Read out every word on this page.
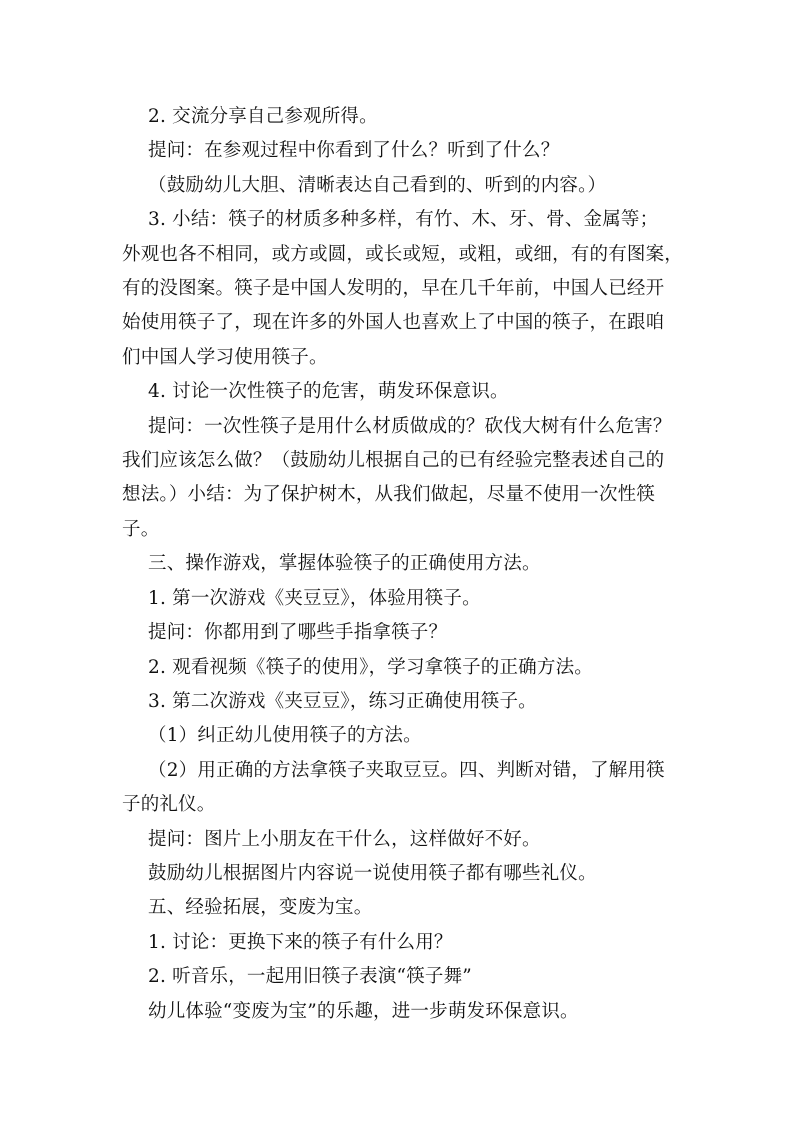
2. 交流分享自己参观所得。
提问：在参观过程中你看到了什么？听到了什么？
（鼓励幼儿大胆、清晰表达自己看到的、听到的内容。）
3. 小结：筷子的材质多种多样，有竹、木、牙、骨、金属等；
外观也各不相同，或方或圆，或长或短，或粗，或细，有的有图案，
有的没图案。筷子是中国人发明的，早在几千年前，中国人已经开
始使用筷子了，现在许多的外国人也喜欢上了中国的筷子，在跟咱
们中国人学习使用筷子。
4. 讨论一次性筷子的危害，萌发环保意识。
提问：一次性筷子是用什么材质做成的？砍伐大树有什么危害？
我们应该怎么做？（鼓励幼儿根据自己的已有经验完整表述自己的
想法。）小结：为了保护树木，从我们做起，尽量不使用一次性筷
子。
三、操作游戏，掌握体验筷子的正确使用方法。
1. 第一次游戏《夹豆豆》，体验用筷子。
提问：你都用到了哪些手指拿筷子？
2. 观看视频《筷子的使用》，学习拿筷子的正确方法。
3. 第二次游戏《夹豆豆》，练习正确使用筷子。
（1）纠正幼儿使用筷子的方法。
（2）用正确的方法拿筷子夹取豆豆。四、判断对错，了解用筷
子的礼仪。
提问：图片上小朋友在干什么，这样做好不好。
鼓励幼儿根据图片内容说一说使用筷子都有哪些礼仪。
五、经验拓展，变废为宝。
1. 讨论：更换下来的筷子有什么用？
2. 听音乐，一起用旧筷子表演“筷子舞”
幼儿体验“变废为宝”的乐趣，进一步萌发环保意识。
